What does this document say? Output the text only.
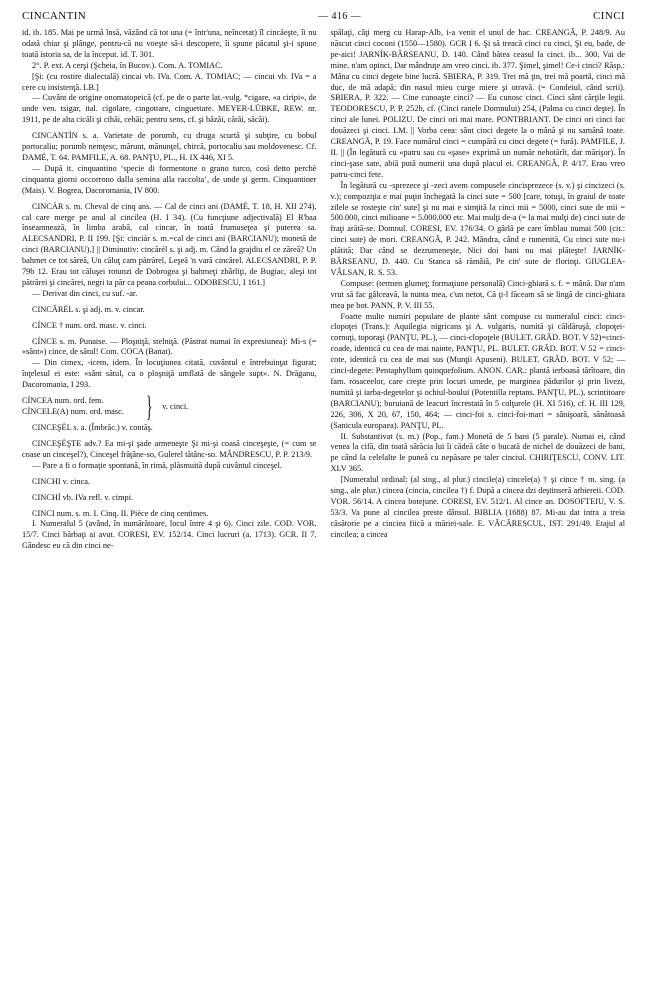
CINCANTIN	— 416 —	CINCI

id. ib. 185. Mai pe urmă însă, văzând că tot una (= într'una, neîncetat) îl cincăeşte, îi nu odată chiar şi plânge, pentru-că nu voeşte să-i descopere, îi spune păcatul şi-i spune toată istoria sa, de la început. id. T. 301.

2°. P. ext. A cerşi (Şcheia, în Bucov.). Com. A. TOMIAC.

[Şi: (cu rostire dialectală) cincai vb. IVa. Com. A. TOMIAC; — cincui vb. IVa = a cere cu insistenţă. LB.]

— Cuvânt de origine onomatopeică (cf. pe de o parte lat.-vulg. *cigare, «a ciripi», de unde ven. tsigar, ital. cigolare, cingottare, cinguettare. MEYER-LÜBKE, REW. nr. 1911, pe de alta cicăli şi cihăi, cehăi; pentru sens, cf. şi băzăi, cărăi, săcăi).

CINCANTÍN s. a. Varietate de porumb, cu druga scurtă şi subţire, cu bobul portocaliu; porumb nemţesc, mărunt, mănunţel, chircă, portocaliu sau moldovenesc. Cf. DAMÉ, T. 64. PAMFILE, A. 68. PANŢU, PL., H. IX 446, XI 5.

— După it. cinquantino ‘specie di formentone o grano turco, così detto perchè cinquanta giorni occorrono dalla semina alla raccolta’, de unde şi germ. Cinquantiner (Mais). V. Bogrea, Dacoromania, IV 800.

CINCÁR s. m. Cheval de cinq ans. — Cal de cinci ani (DAMÉ, T. 18, H. XII 274), cal care merge pe anul al cincilea (H. I 34). (Cu funcţiune adjectivală) El R'baa înseamnează, în limba arabă, cal cincar, în toată frumuseţea şi puterea sa. ALECSANDRI, P. II 199. [Şi: cinciár s. m.=cal de cinci ani (BARCIANU); monetă de cinci (BARCIANU).] || Diminutiv: cincărél s. şi adj. m. Când la grajdiu el ce zăreă? Un bahmet ce tot săreă, Un căluţ cam pătrărel, Leşeă 'n vară cincărel. ALECSANDRI, P. P. 79b 12. Erau tot căluşei rotunzi de Dobrogea şi bahmeţi zbârliţi, de Bugiac, aleşi tot pătrărei şi cincărei, negri ta păr ca peana corbului... ODOBESCU, I 161.]

— Derivat din cinci, cu suf. -ar.

CINCĂRÉL s. şi adj. m. v. cincar.

CÍNCE † num. ord. masc. v. cinci.

CÍNCE s. m. Punaise. — Ploşniţă, stelniţă. (Păstrat numai în expresiunea): Mi-s (= «sânt») cince, de sătul! Com. COCA (Banat).

— Din cimex, -icem, idem. În locuţiunea citată, cuvântul e întrebuinţat figurat; înţelesul ei este: «sânt sătul, ca o ploşniţă umflată de sângele supt». N. Drăganu, Dacoromania, I 293.

CÍNCEA num. ord. fem.
CÍNCELE(A) num. ord. masc. } v. cinci.

CINCEŞÉL s. a. (Îmbrăc.) v. contăş.

CINCEŞÉŞTE adv.? Ea mi-şi şade armeneşte Şi mi-şi coasă cinceşeşte, (= cum se coase un cinceşel?), Cinceşel frăţâne-so, Gulerel tătânc-so. MÂNDRESCU, P. P. 213/9.

— Pare a fi o formaţie spontană, în rimă, plăsmuită după cuvântul cinceşel.

CINCHI v. cinca.

CINCHÍ vb. IVa refl. v. cimpi.

CINCI num. s. m. I. Cinq. II. Pièce de cinq centimes.

I. Numeralul 5 (având, în numărătoare, locul între 4 şi 6). Cinci zile. COD. VOR. 15/7. Cinci bărbaţi ai avut. CORESI, EV. 152/14. Cinci lucruri (a. 1713). GCR. II 7. Gândesc eu că din cinci ne-

spălaţi, câţi merg cu Harap-Alb, i-a venit el unul de hac. CREANGĂ, P. 248/9. Au născut cinci coconi (1550—1580). GCR I 6. Şi să treacă cinci cu cinci, Şi eu, bade, de pe-aici! JARNÍK-BÂRSEANU, D. 140. Când bătea ceasul la cinci. ib... 300. Vai de mine, n'am opinci, Dar mândruţe am vreo cinci. ib. 377. Şimel, şimel! Ce-i cinci? Răsp.: Mâna cu cinci degete bine lucră. SBIERA, P. 319. Trei mă ţin, trei mă poartă, cinci mă duc, de mă adapă; din nasul mieu curge miere şi otravă. (= Condeiul, când scrii). SBIERA, P. 322. — Cine cunoaşte cinci? — Eu cunosc cinci. Cinci sânt cărţile legii. TEODORESCU, P. P. 252b, cf. (Cinci ranele Domnului) 254, (Palma cu cinci deşte). În cinci ale lunei. POLIZU. De cinci ori mai mare. PONTBRIANT. De cinci ori cinci fac douăzeci şi cinci. LM. || Vorba ceea: sânt cinci degete la o mână şi nu samănă toate. CREANGĂ, P. 19. Face numărul cinci = cumpără cu cinci degete (= fură). PAMFILE, J. II. || (În legătură cu «patru sau cu «şase» exprimă un număr nehotărît, dar mărişor). În cinci-şase sate, abiă pută numerii una după placul ei. CREANGĂ, P. 4/17. Erau vreo patru-cinci fete.

În legătură cu -sprezece şi -zeci avem compusele cincisprezece (s. v.) şi cincizeci (s. v.); compoziţia e mai puţin închegată la cinci sute = 500 [care, totuşi, în graiul de toate zilele se rosteşte cin' sute] şi nu mai e simţită la cinci mii = 5000, cinci sute de mii = 500.000, cinci milioane = 5.000.000 etc. Mai mulţi de-a (= la mai mulţi de) cinci sute de fraţi arătă-se. Domnul. CORESI, EV. 176/34. O gârlă pe care îmblau numai 500 (cit.: cinci sute) de mori. CREANGĂ, P. 242. Mândra, când e rumenită, Cu cinci sute nu-i plătită; Dar când se dezrumeneşte, Nici doi bani nu mai plăteşte! JARNÍK-BÂRSEANU, D. 440. Cu Stanca să rămâiă, Pe cin' sute de florinţi. GIUGLEA-VÂLSAN, R. S. 53.

Compuse: (termen glumeţ; formaţiune personală) Cinci-ghiară s. f. = mână. Dar n'am vrut să fac gâlceavă, la nunta mea, c'un netot, Că ţi-l făceam să se lingă de cinci-ghiara mea pe bot. PANN, P. V. III 55.

Foarte multe numiri populare de plante sânt compuse cu numeralul cinci: cinci-clopoţei (Trans.): Aquilegia nigricans şi A. vulgaris, numită şi căldăruşă, clopoţei-cornuţi, toporaşi (PANŢU, PL.), — cinci-clopoţele (BULET. GRĂD. BOT. V 52)=cinci-coade, identică cu cea de mai nainte, PANŢU, PL. BULET. GRĂD. BOT. V 52 = cinci-cote, identică cu cea de mai sus (Munţii Apuseni). BULET. GRĂD. BOT. V 52; — cinci-degete: Pentaphyllum quinquefolium. ANON. CAR.: plantă ierboasă târîtoare, din fam. rosaceelor, care creşte prin locuri umede, pe marginea pădurilor şi prin livezi, numită şi iarba-degetelor şi ochiul-boului (Potentilla reptans. PANŢU, PL.), scrintitoare (BARCIANU); buruiană de leacuri încrestată în 5 colţurele (H. XI 516), cf. H. III 129, 226, 306, X 20, 67, 150, 464; — cinci-foi s. cinci-foi-mari = sânişoară, sănătoasă (Sanicula europaea). PANŢU, PL.

II. Substantivat (s. m.) (Pop., fam.) Monetă de 5 bani (5 parale). Numai ei, când venea la cifă, din toată sărăcia lui îi cădeă câte o bucată de nichel de douăzeci de bani, pe când la celelalte le puneă cu nepăsare pe taler cinciul. CHIRIŢESCU, CONV. LIT. XLV 365.

[Numeralul ordinal: (al sing., al plur.) cincile(a) cincele(a) † şi cince † m. sing. (a sing., ale plur.) cincea (cincia, cincilea †) f. După a cincea dzi deştinseră arhiereii. COD. VOR. 56/14. A cincea botejune. CORESI, EV. 512/1. Al cince an. DOSOFTEIU, V. S. 53/3. Va pune al cincilea preste dânsul. BIBLIA (1688) 87. Mi-au dat intra a treia căsătorie pe a cinciea fiică a măriei-sale. E. VĂCĂRESCUL, IST. 291/49. Etajul al cincilea; a cincea
